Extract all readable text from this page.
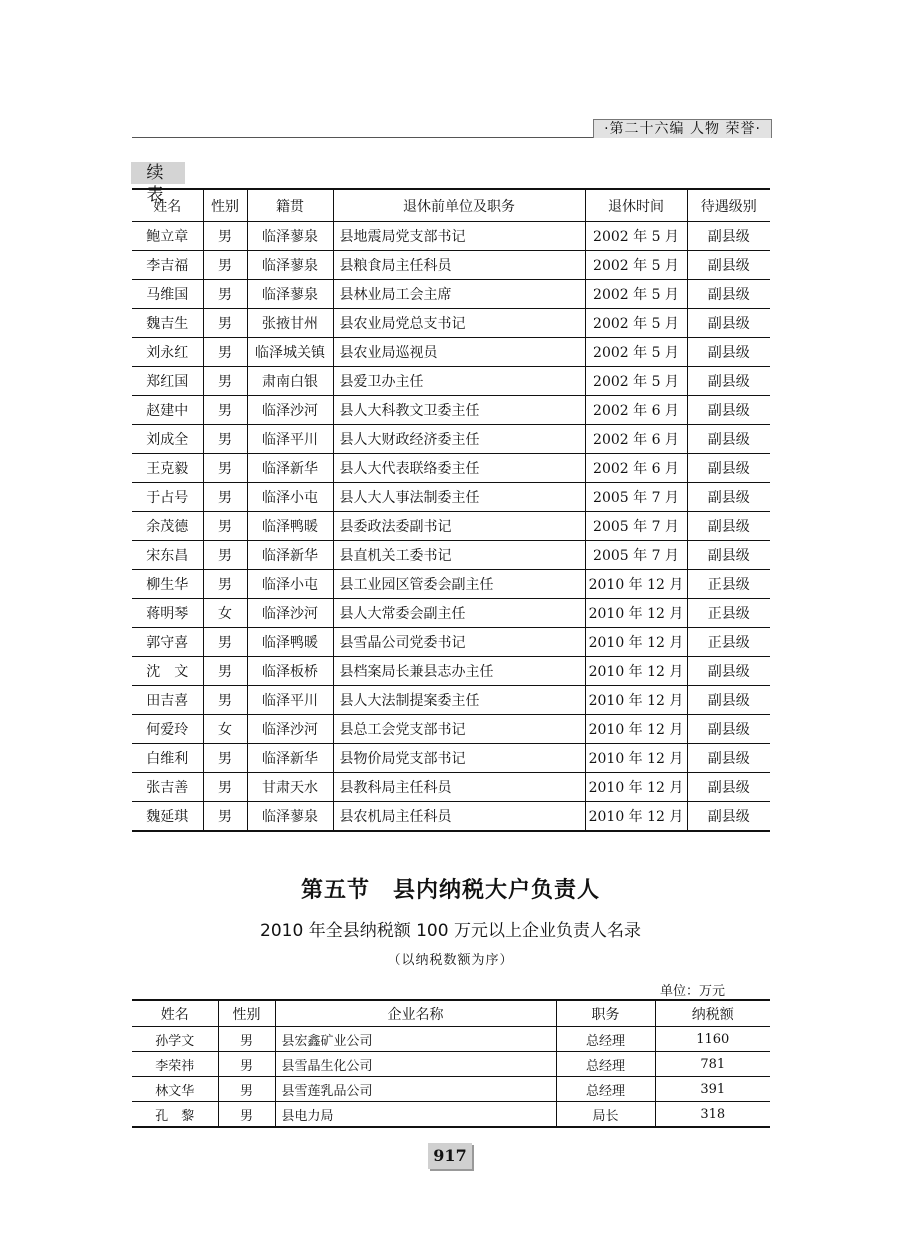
·第二十六编 人物 荣誉·
续 表
姓名	性别	籍贯	退休前单位及职务	退休时间	待遇级别
鲍立章	男	临泽蓼泉	县地震局党支部书记	2002 年 5 月	副县级
李吉福	男	临泽蓼泉	县粮食局主任科员	2002 年 5 月	副县级
马维国	男	临泽蓼泉	县林业局工会主席	2002 年 5 月	副县级
魏吉生	男	张掖甘州	县农业局党总支书记	2002 年 5 月	副县级
刘永红	男	临泽城关镇	县农业局巡视员	2002 年 5 月	副县级
郑红国	男	肃南白银	县爱卫办主任	2002 年 5 月	副县级
赵建中	男	临泽沙河	县人大科教文卫委主任	2002 年 6 月	副县级
刘成全	男	临泽平川	县人大财政经济委主任	2002 年 6 月	副县级
王克毅	男	临泽新华	县人大代表联络委主任	2002 年 6 月	副县级
于占号	男	临泽小屯	县人大人事法制委主任	2005 年 7 月	副县级
余茂德	男	临泽鸭暖	县委政法委副书记	2005 年 7 月	副县级
宋东昌	男	临泽新华	县直机关工委书记	2005 年 7 月	副县级
柳生华	男	临泽小屯	县工业园区管委会副主任	2010 年 12 月	正县级
蒋明琴	女	临泽沙河	县人大常委会副主任	2010 年 12 月	正县级
郭守喜	男	临泽鸭暖	县雪晶公司党委书记	2010 年 12 月	正县级
沈　文	男	临泽板桥	县档案局长兼县志办主任	2010 年 12 月	副县级
田吉喜	男	临泽平川	县人大法制提案委主任	2010 年 12 月	副县级
何爱玲	女	临泽沙河	县总工会党支部书记	2010 年 12 月	副县级
白维利	男	临泽新华	县物价局党支部书记	2010 年 12 月	副县级
张吉善	男	甘肃天水	县教科局主任科员	2010 年 12 月	副县级
魏延琪	男	临泽蓼泉	县农机局主任科员	2010 年 12 月	副县级
第五节　县内纳税大户负责人
2010 年全县纳税额 100 万元以上企业负责人名录
（以纳税数额为序）
单位：万元
姓名	性别	企业名称	职务	纳税额
孙学文	男	县宏鑫矿业公司	总经理	1160
李荣祎	男	县雪晶生化公司	总经理	781
林文华	男	县雪莲乳品公司	总经理	391
孔　黎	男	县电力局	局长	318
917
